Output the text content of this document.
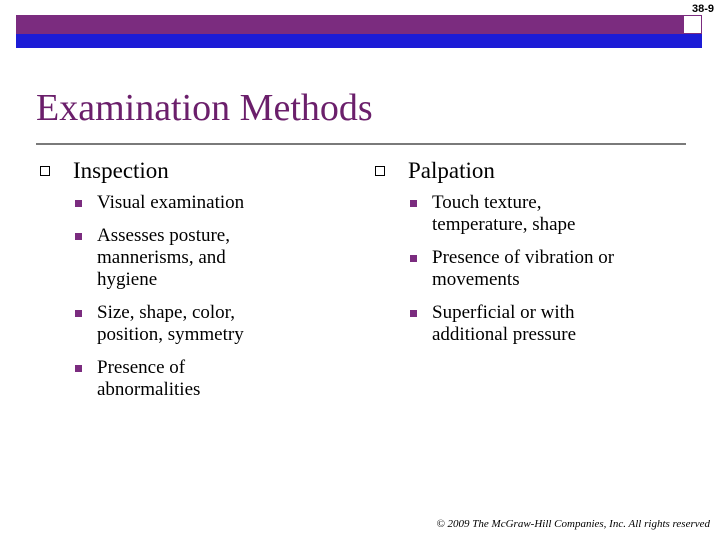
38-9
Examination Methods
Inspection
Visual examination
Assesses posture,
mannerisms, and
hygiene
Size, shape, color,
position, symmetry
Presence of
abnormalities
Palpation
Touch texture,
temperature, shape
Presence of vibration or
movements
Superficial or with
additional pressure
© 2009 The McGraw-Hill Companies, Inc. All rights reserved
